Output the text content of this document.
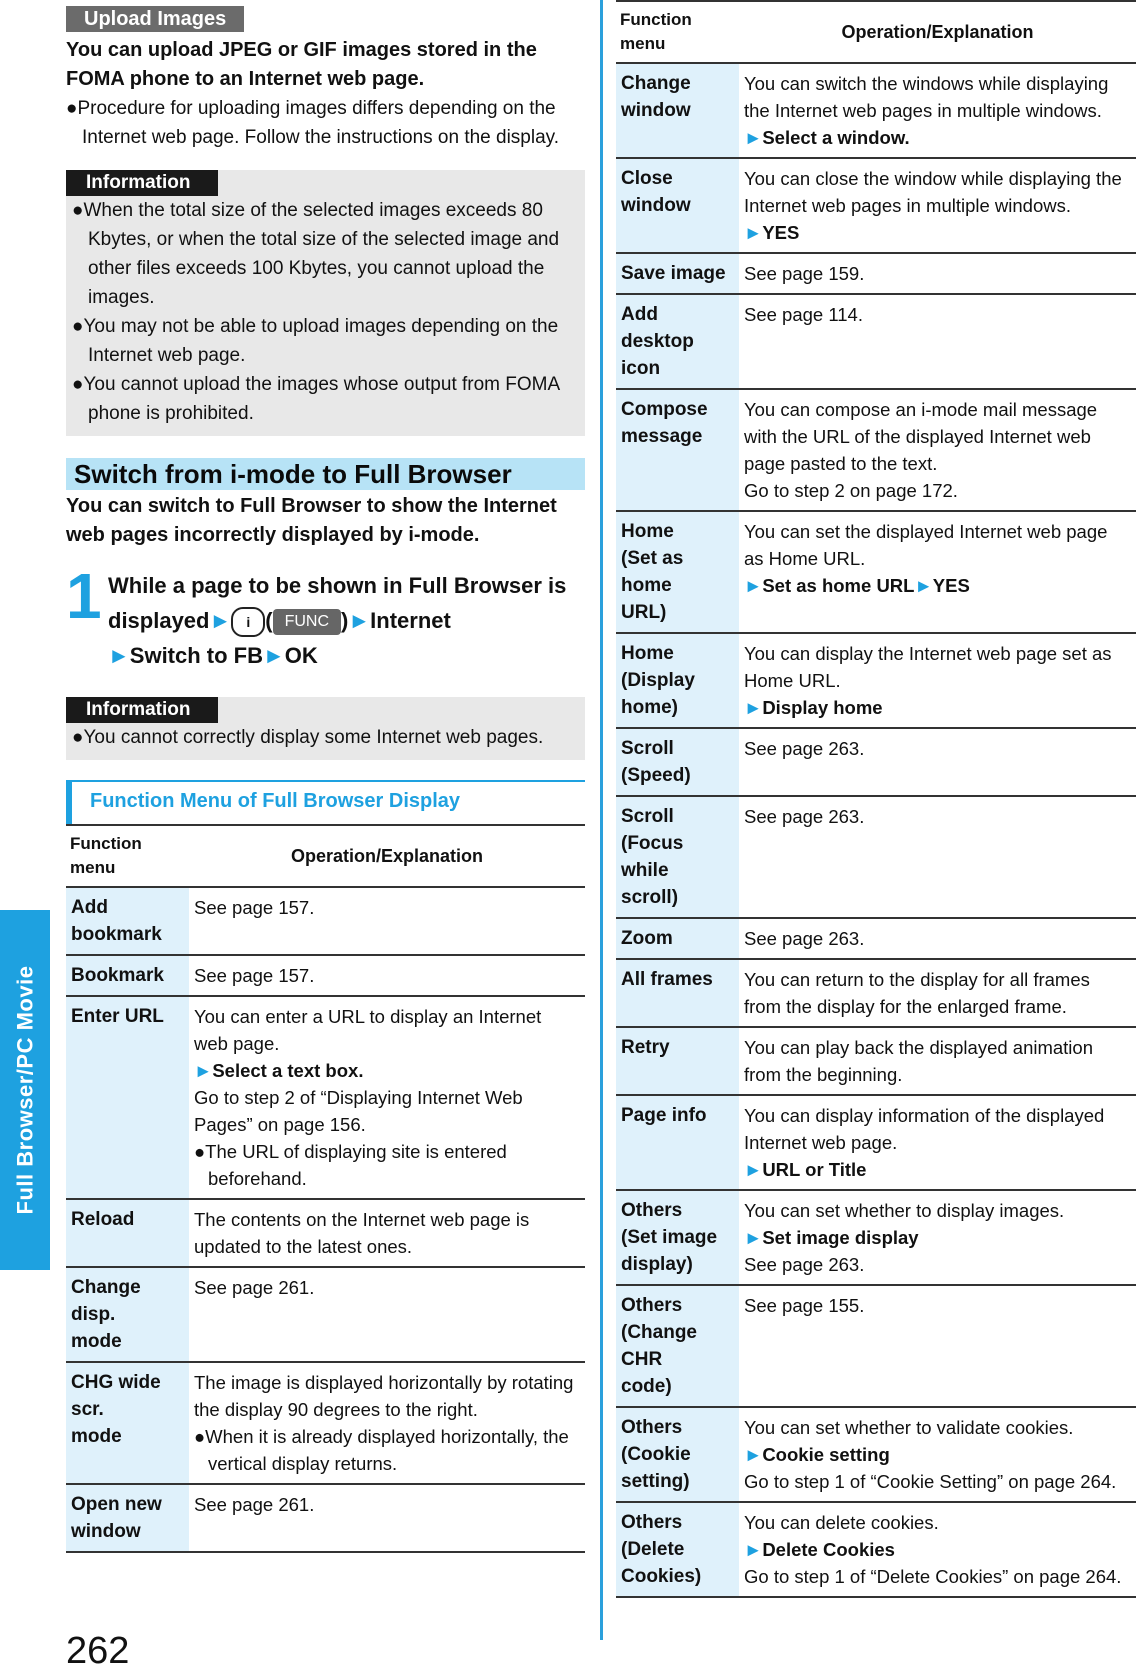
Full Browser/PC Movie
262
Upload Images
You can upload JPEG or GIF images stored in the FOMA phone to an Internet web page.
●Procedure for uploading images differs depending on the Internet web page. Follow the instructions on the display.
Information
●When the total size of the selected images exceeds 80 Kbytes, or when the total size of the selected image and other files exceeds 100 Kbytes, you cannot upload the images.
●You may not be able to upload images depending on the Internet web page.
●You cannot upload the images whose output from FOMA phone is prohibited.
Switch from i-mode to Full Browser
You can switch to Full Browser to show the Internet web pages incorrectly displayed by i-mode.
1 While a page to be shown in Full Browser is displayed► i ( FUNC )►Internet
►Switch to FB►OK
Information
●You cannot correctly display some Internet web pages.
Function Menu of Full Browser Display
Function menu	Operation/Explanation
Add bookmark	See page 157.

Bookmark	See page 157.

Enter URL	You can enter a URL to display an Internet web page.
►Select a text box.
Go to step 2 of “Displaying Internet Web Pages” on page 156.
●The URL of displaying site is entered beforehand.

Reload	The contents on the Internet web page is updated to the latest ones.

Change disp.
mode	See page 261.

CHG wide scr.
mode	The image is displayed horizontally by rotating the display 90 degrees to the right.
●When it is already displayed horizontally, the vertical display returns.

Open new
window	See page 261.
Function menu	Operation/Explanation
Change
window	You can switch the windows while displaying the Internet web pages in multiple windows.
►Select a window.

Close window	You can close the window while displaying the Internet web pages in multiple windows.
►YES

Save image	See page 159.

Add desktop
icon	See page 114.

Compose
message	You can compose an i-mode mail message with the URL of the displayed Internet web page pasted to the text.
Go to step 2 on page 172.

Home
(Set as home
URL)	You can set the displayed Internet web page as Home URL.
►Set as home URL►YES

Home
(Display
home)	You can display the Internet web page set as Home URL.
►Display home

Scroll
(Speed)	See page 263.

Scroll
(Focus while
scroll)	See page 263.

Zoom	See page 263.

All frames	You can return to the display for all frames from the display for the enlarged frame.

Retry	You can play back the displayed animation from the beginning.

Page info	You can display information of the displayed Internet web page.
►URL or Title

Others
(Set image
display)	You can set whether to display images.
►Set image display
See page 263.

Others
(Change CHR
code)	See page 155.

Others
(Cookie setting)	You can set whether to validate cookies.
►Cookie setting
Go to step 1 of “Cookie Setting” on page 264.

Others
(Delete Cookies)	You can delete cookies.
►Delete Cookies
Go to step 1 of “Delete Cookies” on page 264.
